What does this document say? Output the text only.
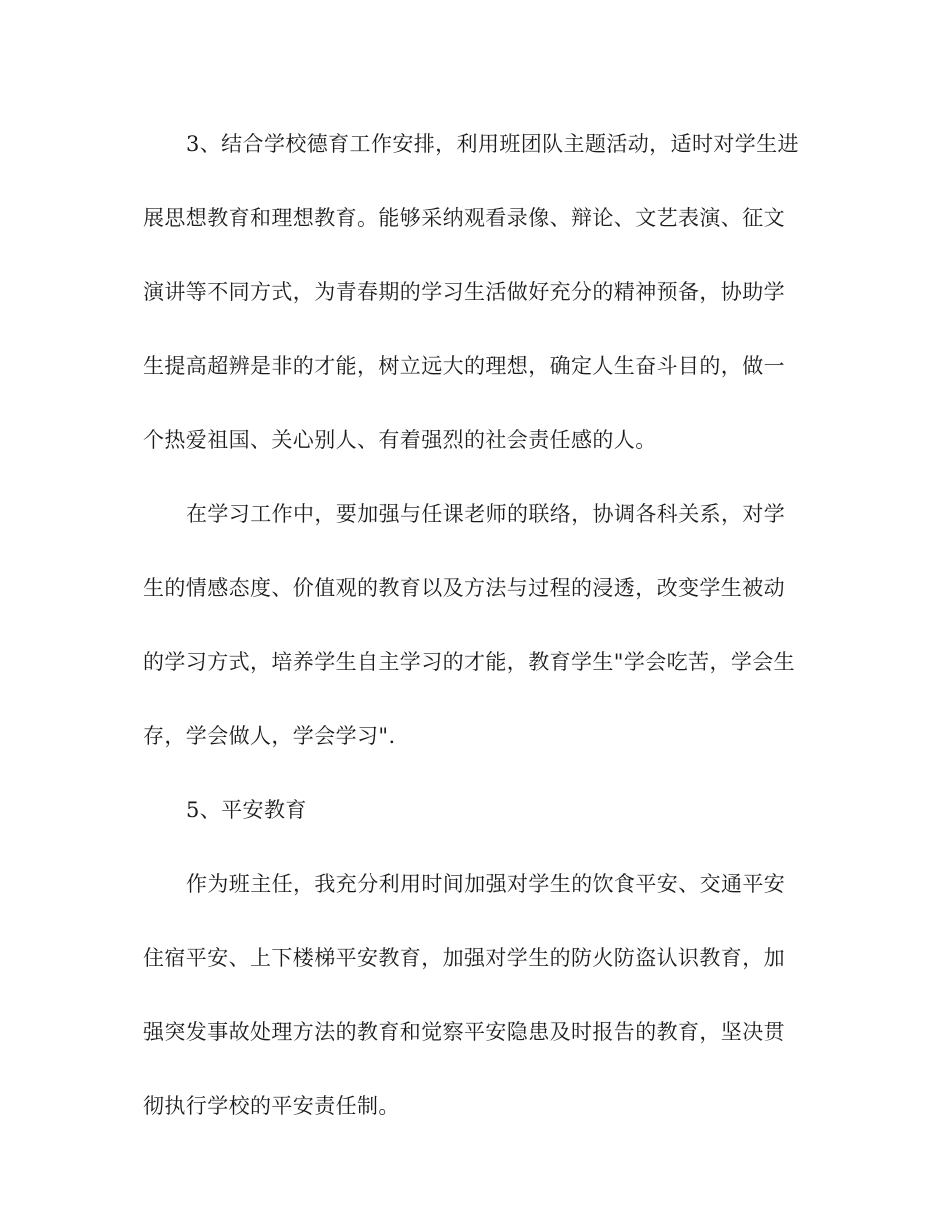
3、结合学校德育工作安排，利用班团队主题活动，适时对学生进
展思想教育和理想教育。能够采纳观看录像、辩论、文艺表演、征文
演讲等不同方式，为青春期的学习生活做好充分的精神预备，协助学
生提高超辨是非的才能，树立远大的理想，确定人生奋斗目的，做一
个热爱祖国、关心别人、有着强烈的社会责任感的人。
在学习工作中，要加强与任课老师的联络，协调各科关系，对学
生的情感态度、价值观的教育以及方法与过程的浸透，改变学生被动
的学习方式，培养学生自主学习的才能，教育学生"学会吃苦，学会生
存，学会做人，学会学习".
5、平安教育
作为班主任，我充分利用时间加强对学生的饮食平安、交通平安
住宿平安、上下楼梯平安教育，加强对学生的防火防盗认识教育，加
强突发事故处理方法的教育和觉察平安隐患及时报告的教育，坚决贯
彻执行学校的平安责任制。
